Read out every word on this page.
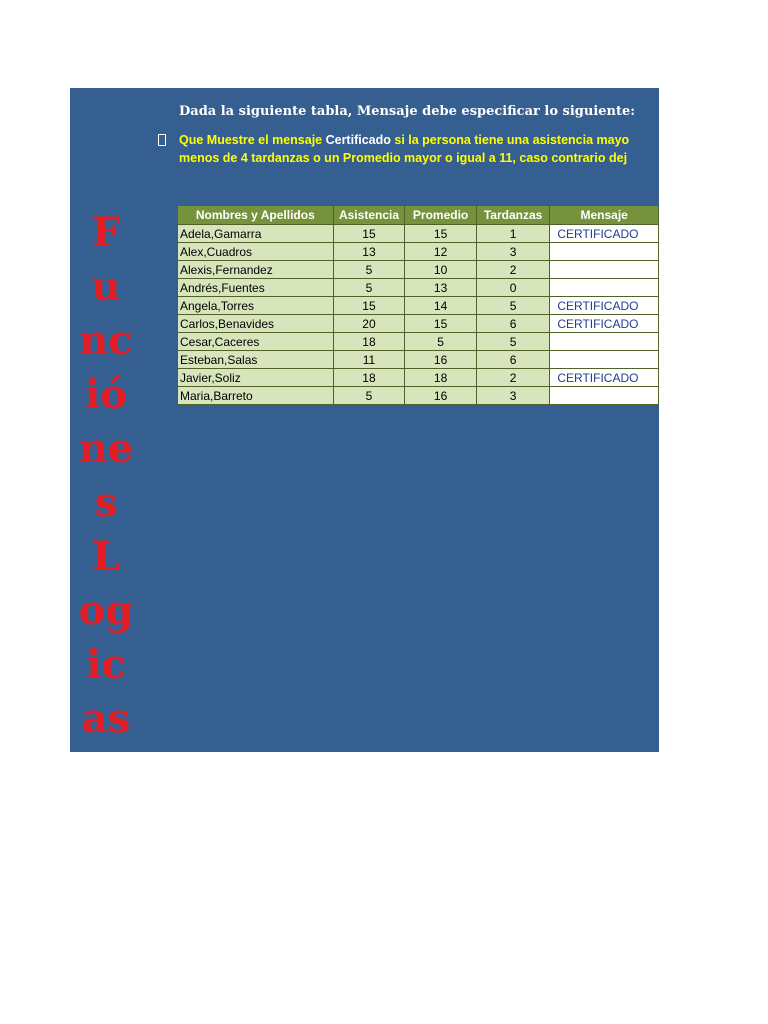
F
u
nc
ió
ne
s
L
og
ic
as
Dada la siguiente tabla, Mensaje debe especificar lo siguiente:
Que Muestre el mensaje Certificado si la persona tiene una asistencia mayo
menos de 4 tardanzas o un Promedio mayor o igual a 11, caso contrario dej
Nombres y Apellidos	Asistencia	Promedio	Tardanzas	Mensaje
Adela,Gamarra	15	15	1	CERTIFICADO
Alex,Cuadros	13	12	3	
Alexis,Fernandez	5	10	2	
Andrés,Fuentes	5	13	0	
Angela,Torres	15	14	5	CERTIFICADO
Carlos,Benavides	20	15	6	CERTIFICADO
Cesar,Caceres	18	5	5	
Esteban,Salas	11	16	6	
Javier,Soliz	18	18	2	CERTIFICADO
Maria,Barreto	5	16	3	
